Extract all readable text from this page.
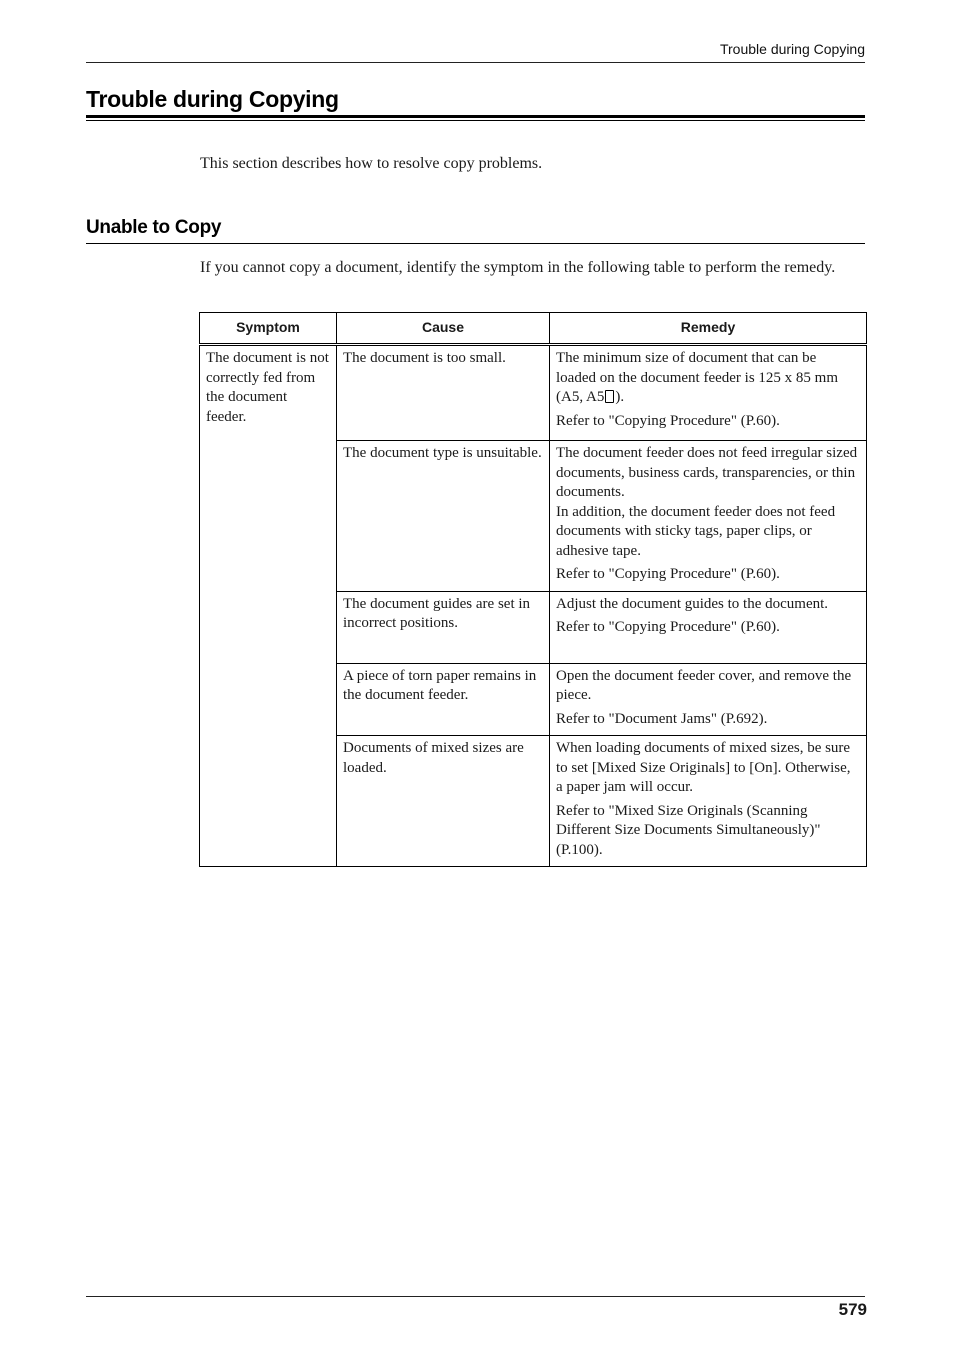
Trouble during Copying
Trouble during Copying
This section describes how to resolve copy problems.
Unable to Copy
If you cannot copy a document, identify the symptom in the following table to perform the remedy.
Symptom	Cause	Remedy

The document is not correctly fed from the document feeder.	The document is too small.	The minimum size of document that can be loaded on the document feeder is 125 x 85 mm (A5, A5 ).

Refer to "Copying Procedure" (P.60).

	The document type is unsuitable.	The document feeder does not feed irregular sized documents, business cards, transparencies, or thin documents.
In addition, the document feeder does not feed documents with sticky tags, paper clips, or adhesive tape.

Refer to "Copying Procedure" (P.60).

	The document guides are set in incorrect positions.	Adjust the document guides to the document.

Refer to "Copying Procedure" (P.60).

	A piece of torn paper remains in the document feeder.	Open the document feeder cover, and remove the piece.

Refer to "Document Jams" (P.692).

	Documents of mixed sizes are loaded.	When loading documents of mixed sizes, be sure to set [Mixed Size Originals] to [On]. Otherwise, a paper jam will occur.

Refer to "Mixed Size Originals (Scanning Different Size Documents Simultaneously)" (P.100).

579
